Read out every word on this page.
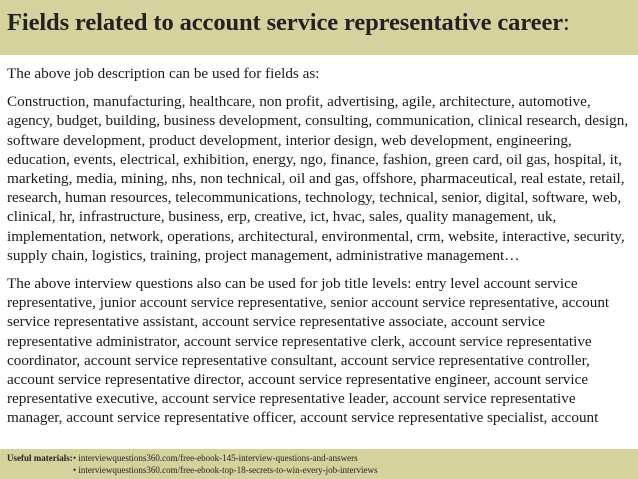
Fields related to account service representative career:

The above job description can be used for fields as:

Construction, manufacturing, healthcare, non profit, advertising, agile, architecture, automotive, agency, budget, building, business development, consulting, communication, clinical research, design, software development, product development, interior design, web development, engineering, education, events, electrical, exhibition, energy, ngo, finance, fashion, green card, oil gas, hospital, it, marketing, media, mining, nhs, non technical, oil and gas, offshore, pharmaceutical, real estate, retail, research, human resources, telecommunications, technology, technical, senior, digital, software, web, clinical, hr, infrastructure, business, erp, creative, ict, hvac, sales, quality management, uk, implementation, network, operations, architectural, environmental, crm, website, interactive, security, supply chain, logistics, training, project management, administrative management…

The above interview questions also can be used for job title levels: entry level account service representative, junior account service representative, senior account service representative, account service representative assistant, account service representative associate, account service representative administrator, account service representative clerk, account service representative coordinator, account service representative consultant, account service representative controller, account service representative director, account service representative engineer, account service representative executive, account service representative leader, account service representative manager, account service representative officer, account service representative specialist, account

Useful materials: • interviewquestions360.com/free-ebook-145-interview-questions-and-answers
• interviewquestions360.com/free-ebook-top-18-secrets-to-win-every-job-interviews
